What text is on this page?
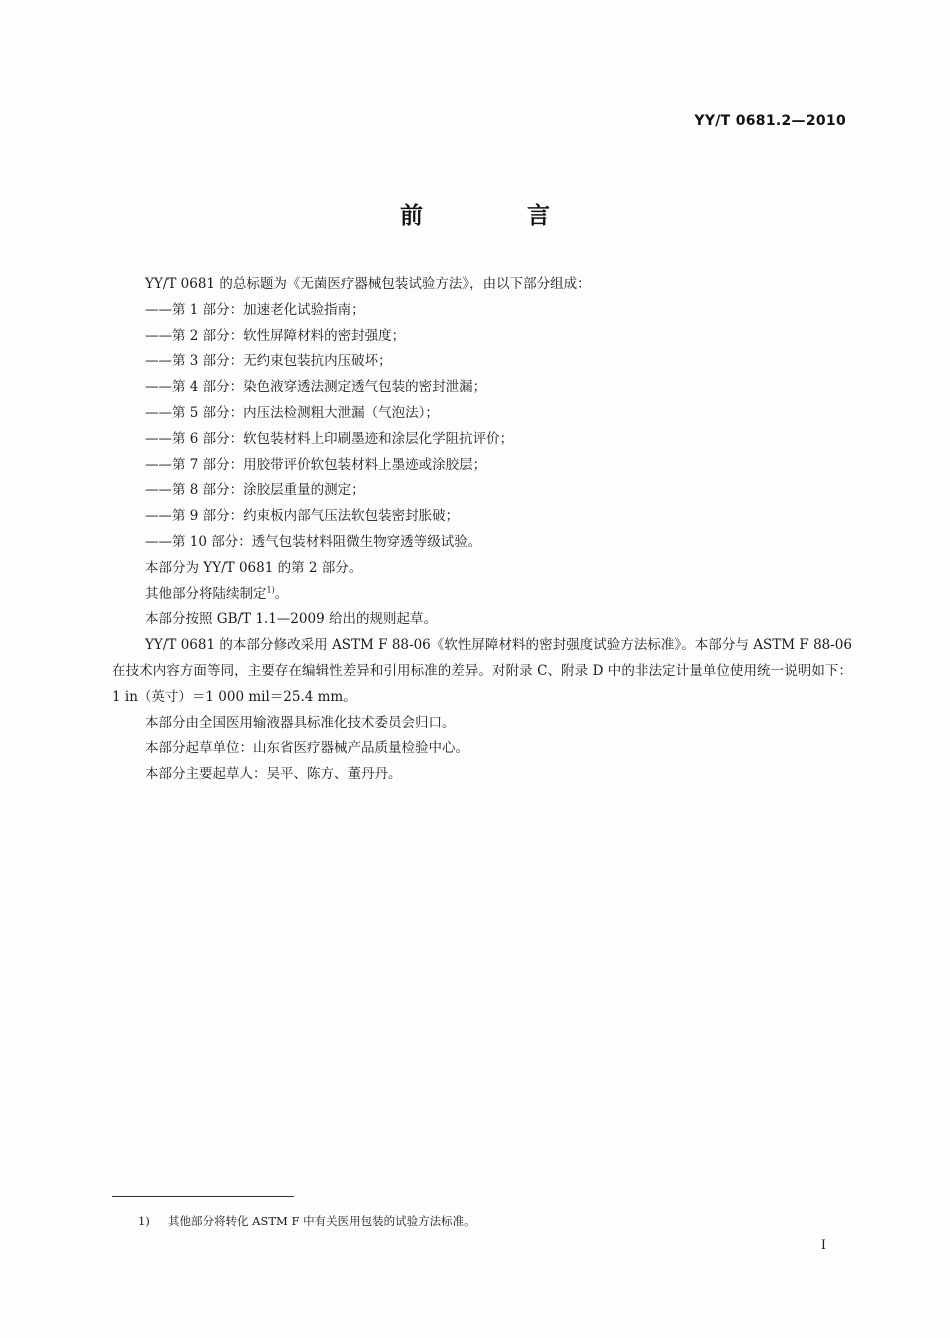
YY/T 0681.2—2010
前 言

YY/T 0681 的总标题为《无菌医疗器械包装试验方法》，由以下部分组成：

——第 1 部分：加速老化试验指南；

——第 2 部分：软性屏障材料的密封强度；

——第 3 部分：无约束包装抗内压破坏；

——第 4 部分：染色液穿透法测定透气包装的密封泄漏；

——第 5 部分：内压法检测粗大泄漏（气泡法）；

——第 6 部分：软包装材料上印刷墨迹和涂层化学阻抗评价；

——第 7 部分：用胶带评价软包装材料上墨迹或涂胶层；

——第 8 部分：涂胶层重量的测定；

——第 9 部分：约束板内部气压法软包装密封胀破；

——第 10 部分：透气包装材料阻微生物穿透等级试验。

本部分为 YY/T 0681 的第 2 部分。

其他部分将陆续制定$^{1)}$。

本部分按照 GB/T 1.1—2009 给出的规则起草。

YY/T 0681 的本部分修改采用 ASTM F 88-06《软性屏障材料的密封强度试验方法标准》。本部分与 ASTM F 88-06 在技术内容方面等同，主要存在编辑性差异和引用标准的差异。对附录 C、附录 D 中的非法定计量单位使用统一说明如下：1 in（英寸）＝1 000 mil＝25.4 mm。

本部分由全国医用输液器具标准化技术委员会归口。

本部分起草单位：山东省医疗器械产品质量检验中心。

本部分主要起草人：吴平、陈方、董丹丹。

1) 其他部分将转化 ASTM F 中有关医用包装的试验方法标准。
I
